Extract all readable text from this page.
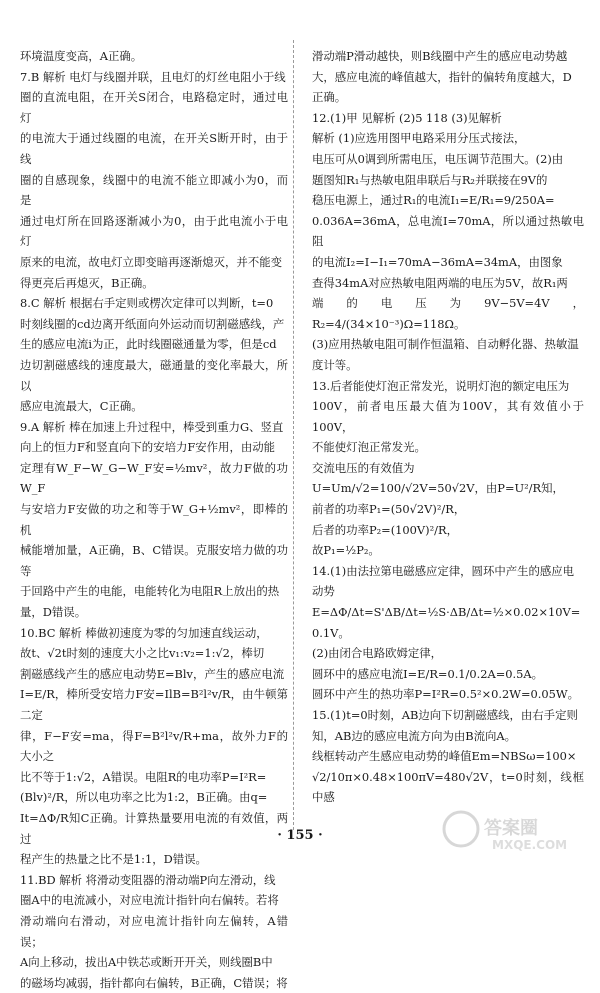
环境温度变高，A正确。

7.B 解析 电灯与线圈并联，且电灯的灯丝电阻小于线

圈的直流电阻，在开关S闭合，电路稳定时，通过电灯

的电流大于通过线圈的电流，在开关S断开时，由于线

圈的自感现象，线圈中的电流不能立即减小为0，而是

通过电灯所在回路逐渐减小为0，由于此电流小于电灯

原来的电流，故电灯立即变暗再逐渐熄灭，并不能变

得更亮后再熄灭，B正确。

8.C 解析 根据右手定则或楞次定律可以判断，t=0

时刻线圈的cd边离开纸面向外运动而切割磁感线，产

生的感应电流i为正，此时线圈磁通量为零，但是cd

边切割磁感线的速度最大，磁通量的变化率最大，所以

感应电流最大，C正确。

9.A 解析 棒在加速上升过程中，棒受到重力G、竖直

向上的恒力F和竖直向下的安培力F安作用，由动能

定理有W_F−W_G−W_F安=½mv²，故力F做的功W_F

与安培力F安做的功之和等于W_G+½mv²，即棒的机

械能增加量，A正确，B、C错误。克服安培力做的功等

于回路中产生的电能，电能转化为电阻R上放出的热

量，D错误。

10.BC 解析 棒做初速度为零的匀加速直线运动，

故t、√2t时刻的速度大小之比v₁:v₂=1:√2，棒切

割磁感线产生的感应电动势E=Blv，产生的感应电流

I=E/R，棒所受安培力F安=IlB=B²l²v/R，由牛顿第二定

律，F−F安=ma，得F=B²l²v/R+ma，故外力F的大小之

比不等于1:√2，A错误。电阻R的电功率P=I²R=

(Blv)²/R，所以电功率之比为1:2，B正确。由q=

It=ΔΦ/R知C正确。计算热量要用电流的有效值，两过

程产生的热量之比不是1:1，D错误。

11.BD 解析 将滑动变阻器的滑动端P向左滑动，线

圈A中的电流减小，对应电流计指针向右偏转。若将

滑动端向右滑动，对应电流计指针向左偏转，A错误；

A向上移动，拔出A中铁芯或断开开关，则线圈B中

的磁场均减弱，指针都向右偏转，B正确，C错误；将

滑动端P滑动越快，则B线圈中产生的感应电动势越

大，感应电流的峰值越大，指针的偏转角度越大，D

正确。

12.(1)甲 见解析 (2)5 118 (3)见解析

解析 (1)应选用图甲电路采用分压式接法，

电压可从0调到所需电压，电压调节范围大。(2)由

题图知R₁与热敏电阻串联后与R₂并联接在9V的

稳压电源上，通过R₁的电流I₁=E/R₁=9/250A=

0.036A=36mA，总电流I=70mA，所以通过热敏电阻

的电流I₂=I−I₁=70mA−36mA=34mA，由图象

查得34mA对应热敏电阻两端的电压为5V，故R₁两

端的电压为9V−5V=4V，R₂=4/(34×10⁻³)Ω=118Ω。

(3)应用热敏电阻可制作恒温箱、自动孵化器、热敏温

度计等。

13.后者能使灯泡正常发光，说明灯泡的额定电压为

100V，前者电压最大值为100V，其有效值小于100V，

不能使灯泡正常发光。

交流电压的有效值为

U=Um/√2=100/√2V=50√2V，由P=U²/R知，

前者的功率P₁=(50√2V)²/R，

后者的功率P₂=(100V)²/R，

故P₁=½P₂。

14.(1)由法拉第电磁感应定律，圆环中产生的感应电

动势

E=ΔΦ/Δt=S'ΔB/Δt=½S·ΔB/Δt=½×0.02×10V=

0.1V。

(2)由闭合电路欧姆定律，

圆环中的感应电流I=E/R=0.1/0.2A=0.5A。

圆环中产生的热功率P=I²R=0.5²×0.2W=0.05W。

15.(1)t=0时刻，AB边向下切割磁感线，由右手定则

知，AB边的感应电流方向为由B流向A。

线框转动产生感应电动势的峰值Em=NBSω=100×

√2/10π×0.48×100πV=480√2V，t=0时刻，线框中感

· 155 ·	答案圈
MXQE.COM
